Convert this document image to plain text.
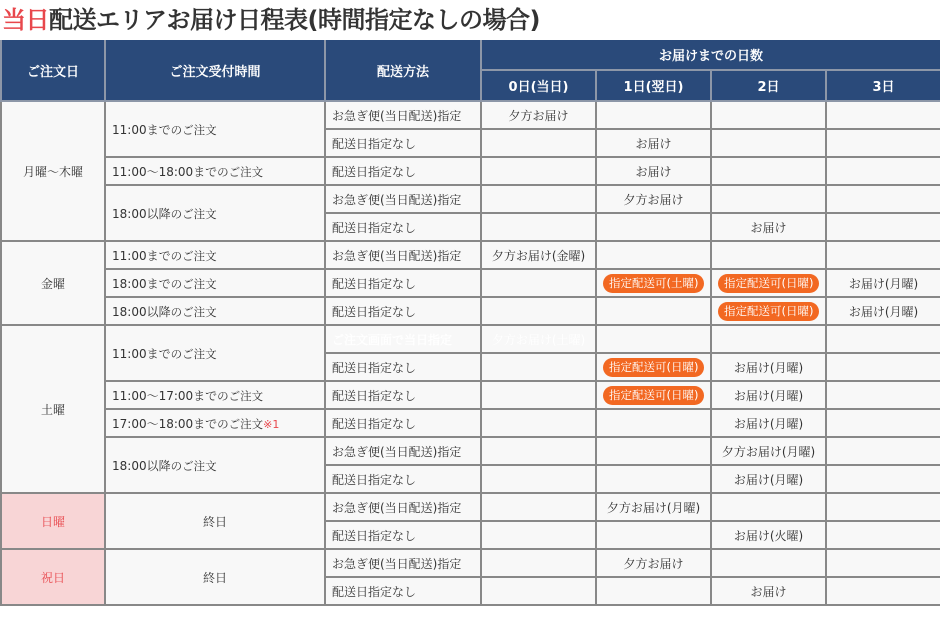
当日配送エリアお届け日程表(時間指定なしの場合)
ご注文日	ご注文受付時間	配送方法	お届けまでの日数			
			0日(当日)	1日(翌日)	2日	3日
月曜〜木曜	11:00までのご注文	お急ぎ便(当日配送)指定	夕方お届け			
		配送日指定なし		お届け		
	11:00〜18:00までのご注文	配送日指定なし		お届け		
	18:00以降のご注文	お急ぎ便(当日配送)指定		夕方お届け		
		配送日指定なし			お届け	
金曜	11:00までのご注文	お急ぎ便(当日配送)指定	夕方お届け(金曜)			
	18:00までのご注文	配送日指定なし		指定配送可(土曜)	指定配送可(日曜)	お届け(月曜)
	18:00以降のご注文	配送日指定なし			指定配送可(日曜)	お届け(月曜)
土曜	11:00までのご注文	ご注文画面で当日指定	夕方お届け(土曜)			
		配送日指定なし		指定配送可(日曜)	お届け(月曜)	
	11:00〜17:00までのご注文	配送日指定なし		指定配送可(日曜)	お届け(月曜)	
	17:00〜18:00までのご注文※1	配送日指定なし			お届け(月曜)	
	18:00以降のご注文	お急ぎ便(当日配送)指定			夕方お届け(月曜)	
		配送日指定なし			お届け(月曜)	
日曜	終日	お急ぎ便(当日配送)指定		夕方お届け(月曜)		
		配送日指定なし			お届け(火曜)	
祝日	終日	お急ぎ便(当日配送)指定		夕方お届け		
		配送日指定なし			お届け	
